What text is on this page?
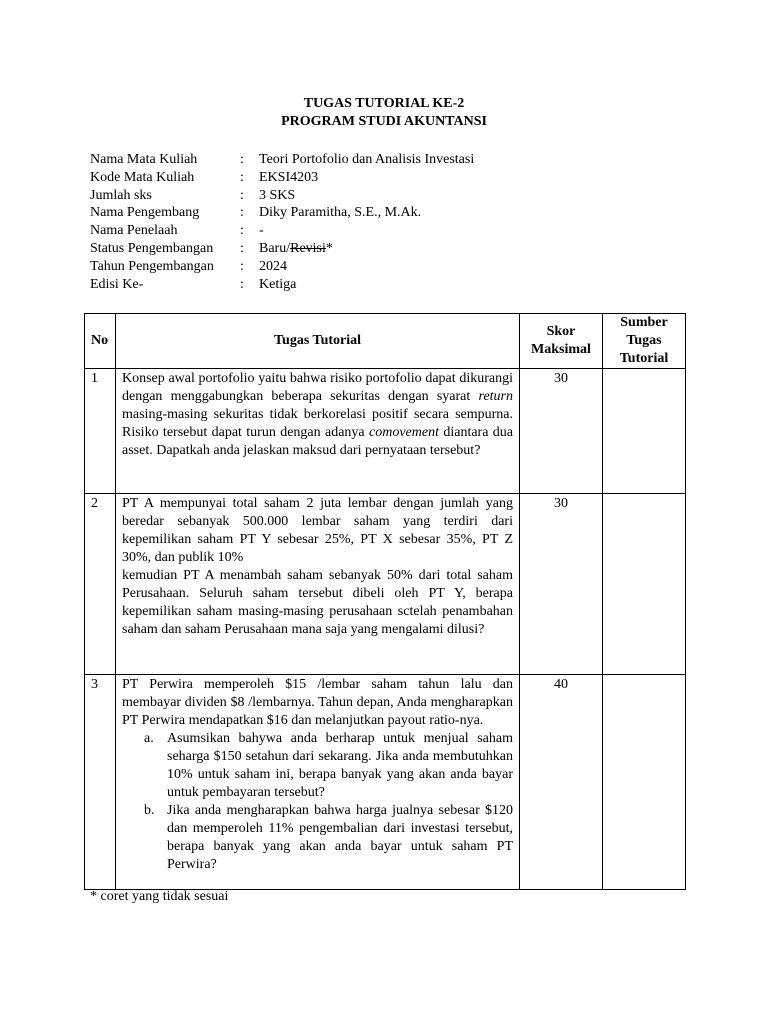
TUGAS TUTORIAL KE-2
PROGRAM STUDI AKUNTANSI
Nama Mata Kuliah	:	Teori Portofolio dan Analisis Investasi
Kode Mata Kuliah	:	EKSI4203
Jumlah sks	:	3 SKS
Nama Pengembang	:	Diky Paramitha, S.E., M.Ak.
Nama Penelaah	:	-
Status Pengembangan	:	Baru/Revisi*
Tahun Pengembangan	:	2024
Edisi Ke-	:	Ketiga
No	Tugas Tutorial	Skor Maksimal	Sumber Tugas Tutorial
1	Konsep awal portofolio yaitu bahwa risiko portofolio dapat dikurangi dengan menggabungkan beberapa sekuritas dengan syarat return masing-masing sekuritas tidak berkorelasi positif secara sempurna. Risiko tersebut dapat turun dengan adanya comovement diantara dua asset. Dapatkah anda jelaskan maksud dari pernyataan tersebut?	30	
2	PT A mempunyai total saham 2 juta lembar dengan jumlah yang beredar sebanyak 500.000 lembar saham yang terdiri dari kepemilikan saham PT Y sebesar 25%, PT X sebesar 35%, PT Z 30%, dan publik 10%

kemudian PT A menambah saham sebanyak 50% dari total saham Perusahaan. Seluruh saham tersebut dibeli oleh PT Y, berapa kepemilikan saham masing-masing perusahaan sctelah penambahan saham dan saham Perusahaan mana saja yang mengalami dilusi?	30	
3	PT Perwira memperoleh $15 /lembar saham tahun lalu dan membayar dividen $8 /lembarnya. Tahun depan, Anda mengharapkan PT Perwira mendapatkan $16 dan melanjutkan payout ratio-nya.

a. Asumsikan bahywa anda berharap untuk menjual saham seharga $150 setahun dari sekarang. Jika anda membutuhkan 10% untuk saham ini, berapa banyak yang akan anda bayar untuk pembayaran tersebut?

b. Jika anda mengharapkan bahwa harga jualnya sebesar $120 dan memperoleh 11% pengembalian dari investasi tersebut, berapa banyak yang akan anda bayar untuk saham PT Perwira?	40	
* coret yang tidak sesuai
